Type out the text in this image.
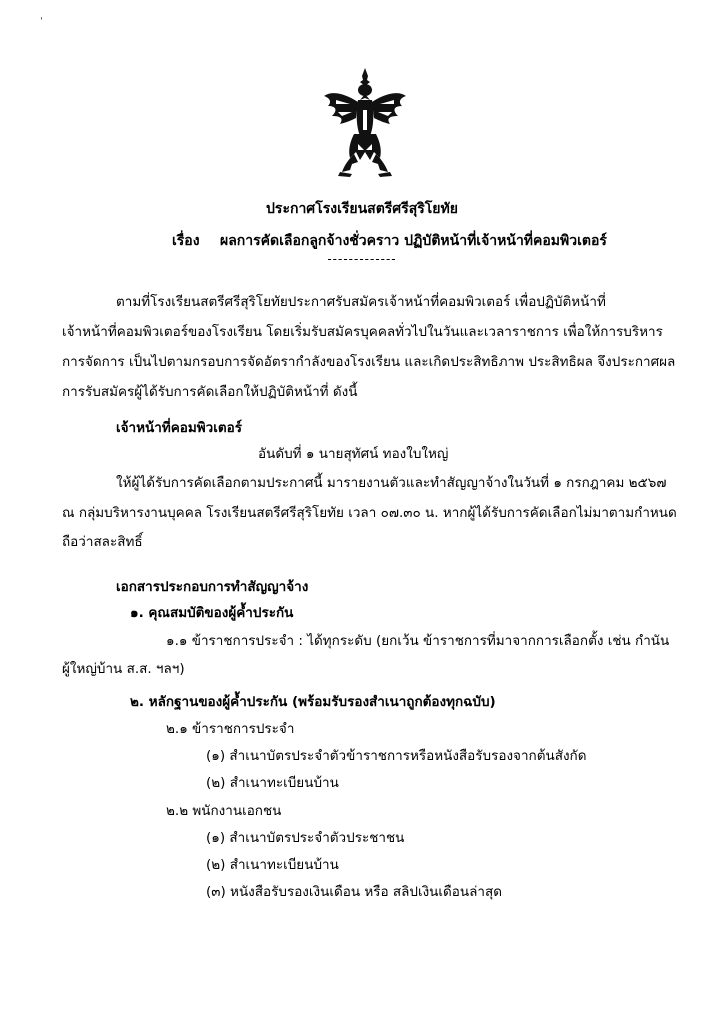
'
ประกาศโรงเรียนสตรีศรีสุริโยทัย
เรื่อง ผลการคัดเลือกลูกจ้างชั่วคราว ปฏิบัติหน้าที่เจ้าหน้าที่คอมพิวเตอร์
-------------
ตามที่โรงเรียนสตรีศรีสุริโยทัยประกาศรับสมัครเจ้าหน้าที่คอมพิวเตอร์ เพื่อปฏิบัติหน้าที่
เจ้าหน้าที่คอมพิวเตอร์ของโรงเรียน โดยเริ่มรับสมัครบุคคลทั่วไปในวันและเวลาราชการ เพื่อให้การบริหาร
การจัดการ เป็นไปตามกรอบการจัดอัตรากำลังของโรงเรียน และเกิดประสิทธิภาพ ประสิทธิผล จึงประกาศผล
การรับสมัครผู้ได้รับการคัดเลือกให้ปฏิบัติหน้าที่ ดังนี้
เจ้าหน้าที่คอมพิวเตอร์
อันดับที่ ๑ นายสุทัศน์ ทองใบใหญ่
ให้ผู้ได้รับการคัดเลือกตามประกาศนี้ มารายงานตัวและทำสัญญาจ้างในวันที่ ๑ กรกฎาคม ๒๕๖๗
ณ กลุ่มบริหารงานบุคคล โรงเรียนสตรีศรีสุริโยทัย เวลา ๐๗.๓๐ น. หากผู้ได้รับการคัดเลือกไม่มาตามกำหนด
ถือว่าสละสิทธิ์
เอกสารประกอบการทำสัญญาจ้าง
๑. คุณสมบัติของผู้ค้ำประกัน
๑.๑ ข้าราชการประจำ : ได้ทุกระดับ (ยกเว้น ข้าราชการที่มาจากการเลือกตั้ง เช่น กำนัน
ผู้ใหญ่บ้าน ส.ส. ฯลฯ)
๒. หลักฐานของผู้ค้ำประกัน (พร้อมรับรองสำเนาถูกต้องทุกฉบับ)
๒.๑ ข้าราชการประจำ
(๑) สำเนาบัตรประจำตัวข้าราชการหรือหนังสือรับรองจากต้นสังกัด
(๒) สำเนาทะเบียนบ้าน
๒.๒ พนักงานเอกชน
(๑) สำเนาบัตรประจำตัวประชาชน
(๒) สำเนาทะเบียนบ้าน
(๓) หนังสือรับรองเงินเดือน หรือ สลิปเงินเดือนล่าสุด
